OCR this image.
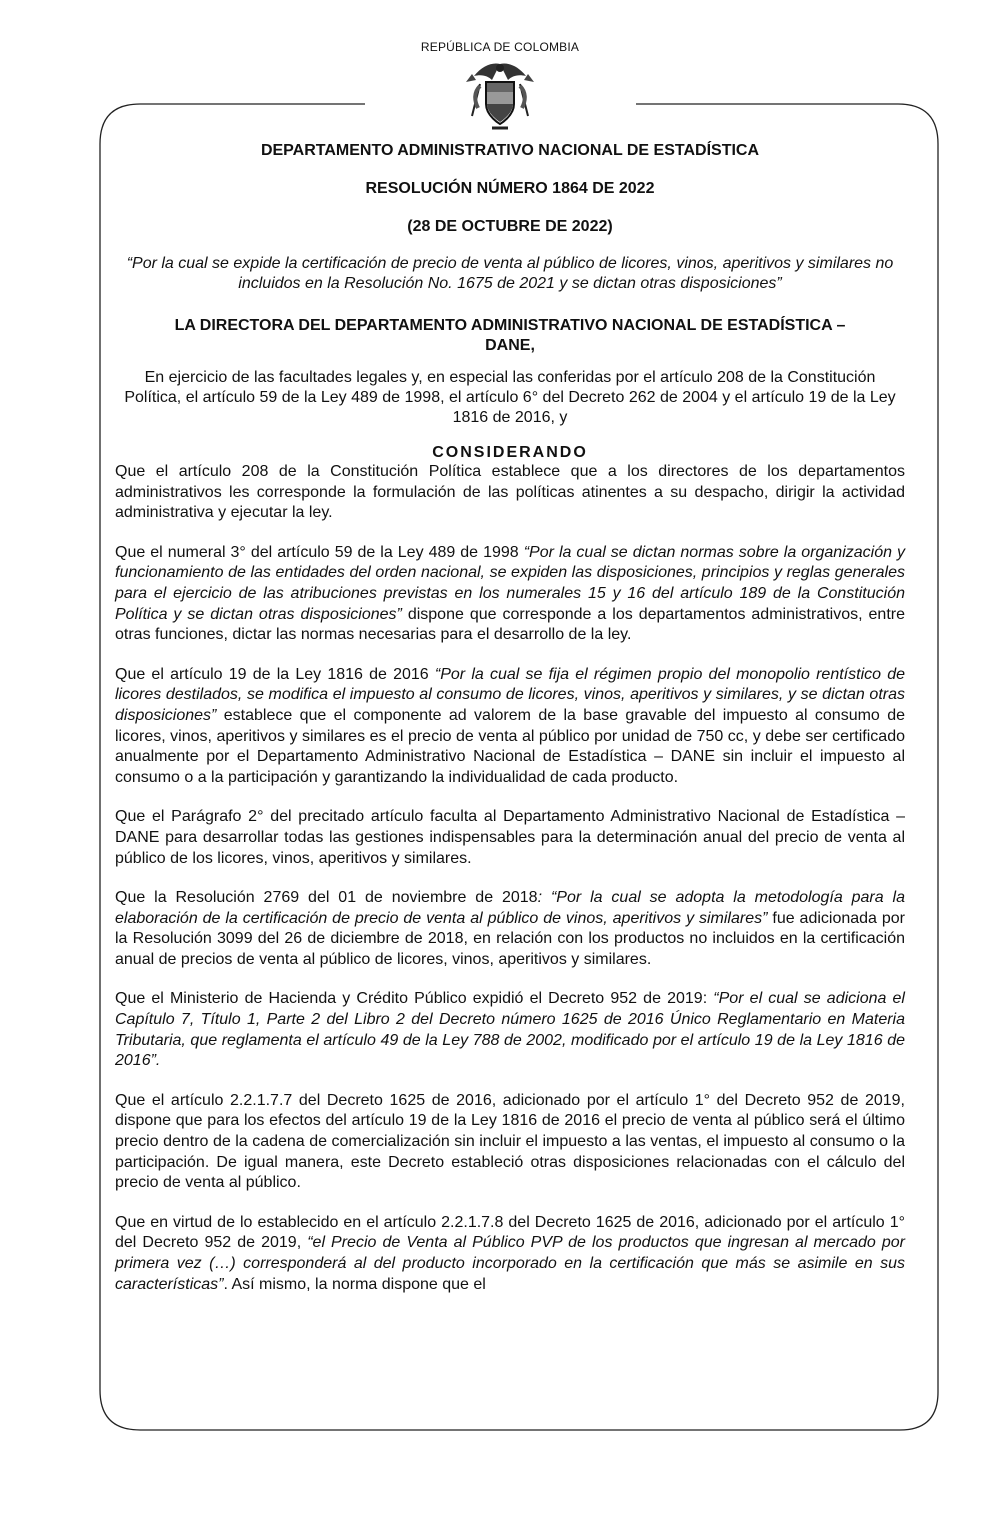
REPÚBLICA DE COLOMBIA

DEPARTAMENTO ADMINISTRATIVO NACIONAL DE ESTADÍSTICA

RESOLUCIÓN NÚMERO 1864 DE 2022

(28 DE OCTUBRE DE 2022)

“Por la cual se expide la certificación de precio de venta al público de licores, vinos, aperitivos y similares no incluidos en la Resolución No. 1675 de 2021 y se dictan otras disposiciones”

LA DIRECTORA DEL DEPARTAMENTO ADMINISTRATIVO NACIONAL DE ESTADÍSTICA –
DANE,

En ejercicio de las facultades legales y, en especial las conferidas por el artículo 208 de la Constitución Política, el artículo 59 de la Ley 489 de 1998, el artículo 6° del Decreto 262 de 2004 y el artículo 19 de la Ley 1816 de 2016, y

CONSIDERANDO

Que el artículo 208 de la Constitución Política establece que a los directores de los departamentos administrativos les corresponde la formulación de las políticas atinentes a su despacho, dirigir la actividad administrativa y ejecutar la ley.

Que el numeral 3° del artículo 59 de la Ley 489 de 1998 “Por la cual se dictan normas sobre la organización y funcionamiento de las entidades del orden nacional, se expiden las disposiciones, principios y reglas generales para el ejercicio de las atribuciones previstas en los numerales 15 y 16 del artículo 189 de la Constitución Política y se dictan otras disposiciones” dispone que corresponde a los departamentos administrativos, entre otras funciones, dictar las normas necesarias para el desarrollo de la ley.

Que el artículo 19 de la Ley 1816 de 2016 “Por la cual se fija el régimen propio del monopolio rentístico de licores destilados, se modifica el impuesto al consumo de licores, vinos, aperitivos y similares, y se dictan otras disposiciones” establece que el componente ad valorem de la base gravable del impuesto al consumo de licores, vinos, aperitivos y similares es el precio de venta al público por unidad de 750 cc, y debe ser certificado anualmente por el Departamento Administrativo Nacional de Estadística – DANE sin incluir el impuesto al consumo o a la participación y garantizando la individualidad de cada producto.

Que el Parágrafo 2° del precitado artículo faculta al Departamento Administrativo Nacional de Estadística – DANE para desarrollar todas las gestiones indispensables para la determinación anual del precio de venta al público de los licores, vinos, aperitivos y similares.

Que la Resolución 2769 del 01 de noviembre de 2018: “Por la cual se adopta la metodología para la elaboración de la certificación de precio de venta al público de vinos, aperitivos y similares” fue adicionada por la Resolución 3099 del 26 de diciembre de 2018, en relación con los productos no incluidos en la certificación anual de precios de venta al público de licores, vinos, aperitivos y similares.

Que el Ministerio de Hacienda y Crédito Público expidió el Decreto 952 de 2019: “Por el cual se adiciona el Capítulo 7, Título 1, Parte 2 del Libro 2 del Decreto número 1625 de 2016 Único Reglamentario en Materia Tributaria, que reglamenta el artículo 49 de la Ley 788 de 2002, modificado por el artículo 19 de la Ley 1816 de 2016”.

Que el artículo 2.2.1.7.7 del Decreto 1625 de 2016, adicionado por el artículo 1° del Decreto 952 de 2019, dispone que para los efectos del artículo 19 de la Ley 1816 de 2016 el precio de venta al público será el último precio dentro de la cadena de comercialización sin incluir el impuesto a las ventas, el impuesto al consumo o la participación. De igual manera, este Decreto estableció otras disposiciones relacionadas con el cálculo del precio de venta al público.

Que en virtud de lo establecido en el artículo 2.2.1.7.8 del Decreto 1625 de 2016, adicionado por el artículo 1° del Decreto 952 de 2019, “el Precio de Venta al Público PVP de los productos que ingresan al mercado por primera vez (…) corresponderá al del producto incorporado en la certificación que más se asimile en sus características”. Así mismo, la norma dispone que el
